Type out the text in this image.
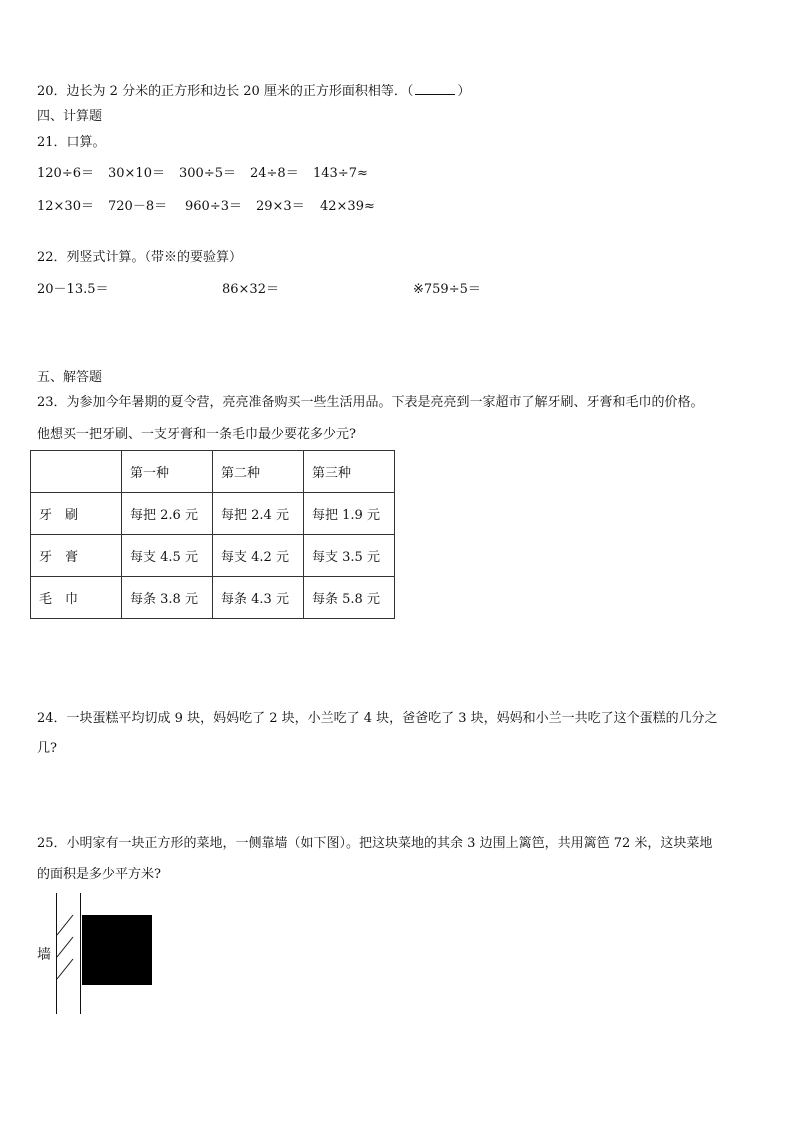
20．边长为 2 分米的正方形和边长 20 厘米的正方形面积相等．（	）
四、计算题
21．口算。
120÷6＝ 30×10＝ 300÷5＝ 24÷8＝ 143÷7≈
12×30＝ 720－8＝ 960÷3＝ 29×3＝ 42×39≈
22．列竖式计算。（带※的要验算）
20－13.5＝	86×32＝	※759÷5＝
五、解答题
23．为参加今年暑期的夏令营，亮亮准备购买一些生活用品。下表是亮亮到一家超市了解牙刷、牙膏和毛巾的价格。
他想买一把牙刷、一支牙膏和一条毛巾最少要花多少元?
	第一种	第二种	第三种
牙　刷	每把 2.6 元	每把 2.4 元	每把 1.9 元
牙　膏	每支 4.5 元	每支 4.2 元	每支 3.5 元
毛　巾	每条 3.8 元	每条 4.3 元	每条 5.8 元
24．一块蛋糕平均切成 9 块，妈妈吃了 2 块，小兰吃了 4 块，爸爸吃了 3 块，妈妈和小兰一共吃了这个蛋糕的几分之
几?
25．小明家有一块正方形的菜地，一侧靠墙（如下图）。把这块菜地的其余 3 边围上篱笆，共用篱笆 72 米，这块菜地
的面积是多少平方米?
墙
